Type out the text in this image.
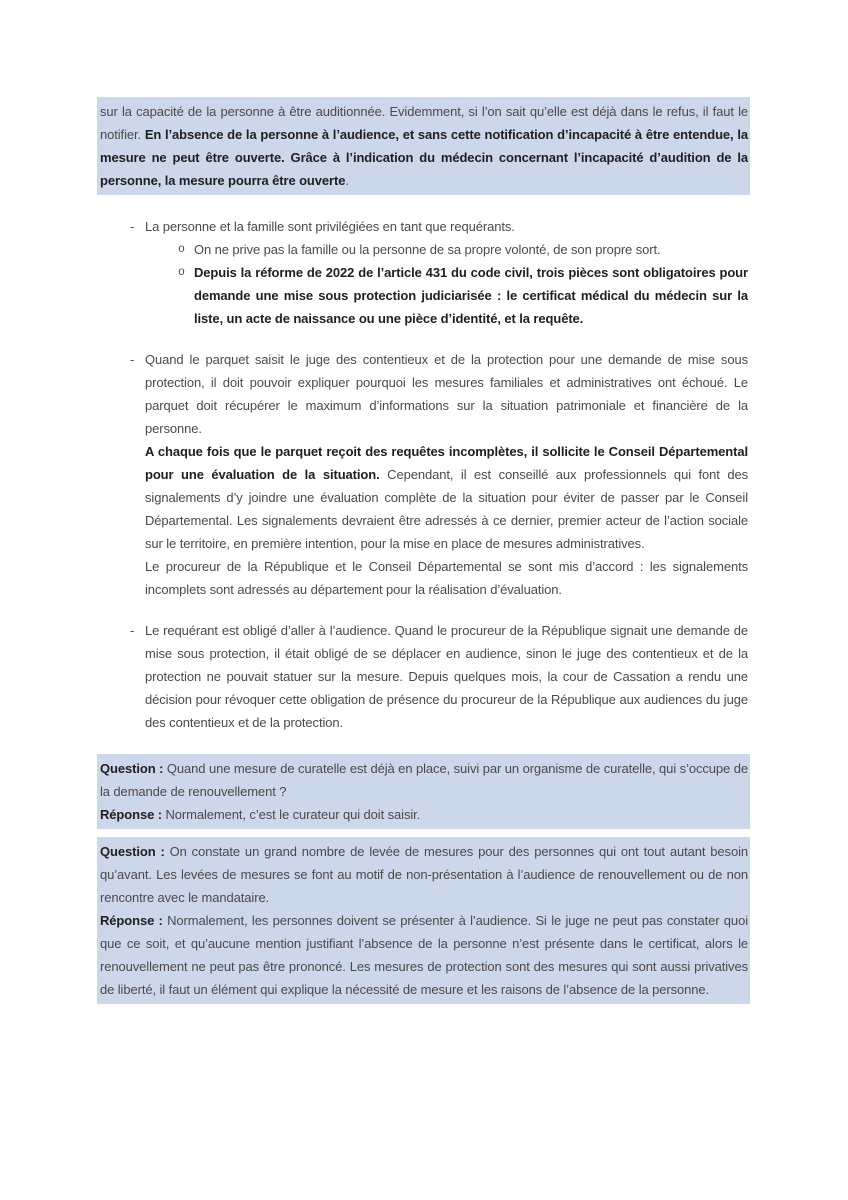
sur la capacité de la personne à être auditionnée. Evidemment, si l’on sait qu’elle est déjà dans le refus, il faut le notifier. En l’absence de la personne à l’audience, et sans cette notification d’incapacité à être entendue, la mesure ne peut être ouverte. Grâce à l’indication du médecin concernant l’incapacité d’audition de la personne, la mesure pourra être ouverte.

- La personne et la famille sont privilégiées en tant que requérants.

o On ne prive pas la famille ou la personne de sa propre volonté, de son propre sort.

o Depuis la réforme de 2022 de l’article 431 du code civil, trois pièces sont obligatoires pour demande une mise sous protection judiciarisée : le certificat médical du médecin sur la liste, un acte de naissance ou une pièce d’identité, et la requête.

- Quand le parquet saisit le juge des contentieux et de la protection pour une demande de mise sous protection, il doit pouvoir expliquer pourquoi les mesures familiales et administratives ont échoué. Le parquet doit récupérer le maximum d’informations sur la situation patrimoniale et financière de la personne.

A chaque fois que le parquet reçoit des requêtes incomplètes, il sollicite le Conseil Départemental pour une évaluation de la situation. Cependant, il est conseillé aux professionnels qui font des signalements d’y joindre une évaluation complète de la situation pour éviter de passer par le Conseil Départemental. Les signalements devraient être adressés à ce dernier, premier acteur de l’action sociale sur le territoire, en première intention, pour la mise en place de mesures administratives.

Le procureur de la République et le Conseil Départemental se sont mis d’accord : les signalements incomplets sont adressés au département pour la réalisation d’évaluation.

- Le requérant est obligé d’aller à l’audience. Quand le procureur de la République signait une demande de mise sous protection, il était obligé de se déplacer en audience, sinon le juge des contentieux et de la protection ne pouvait statuer sur la mesure. Depuis quelques mois, la cour de Cassation a rendu une décision pour révoquer cette obligation de présence du procureur de la République aux audiences du juge des contentieux et de la protection.

Question : Quand une mesure de curatelle est déjà en place, suivi par un organisme de curatelle, qui s’occupe de la demande de renouvellement ?

Réponse : Normalement, c’est le curateur qui doit saisir.

Question : On constate un grand nombre de levée de mesures pour des personnes qui ont tout autant besoin qu’avant. Les levées de mesures se font au motif de non-présentation à l’audience de renouvellement ou de non rencontre avec le mandataire.

Réponse : Normalement, les personnes doivent se présenter à l’audience. Si le juge ne peut pas constater quoi que ce soit, et qu’aucune mention justifiant l’absence de la personne n’est présente dans le certificat, alors le renouvellement ne peut pas être prononcé. Les mesures de protection sont des mesures qui sont aussi privatives de liberté, il faut un élément qui explique la nécessité de mesure et les raisons de l’absence de la personne.
